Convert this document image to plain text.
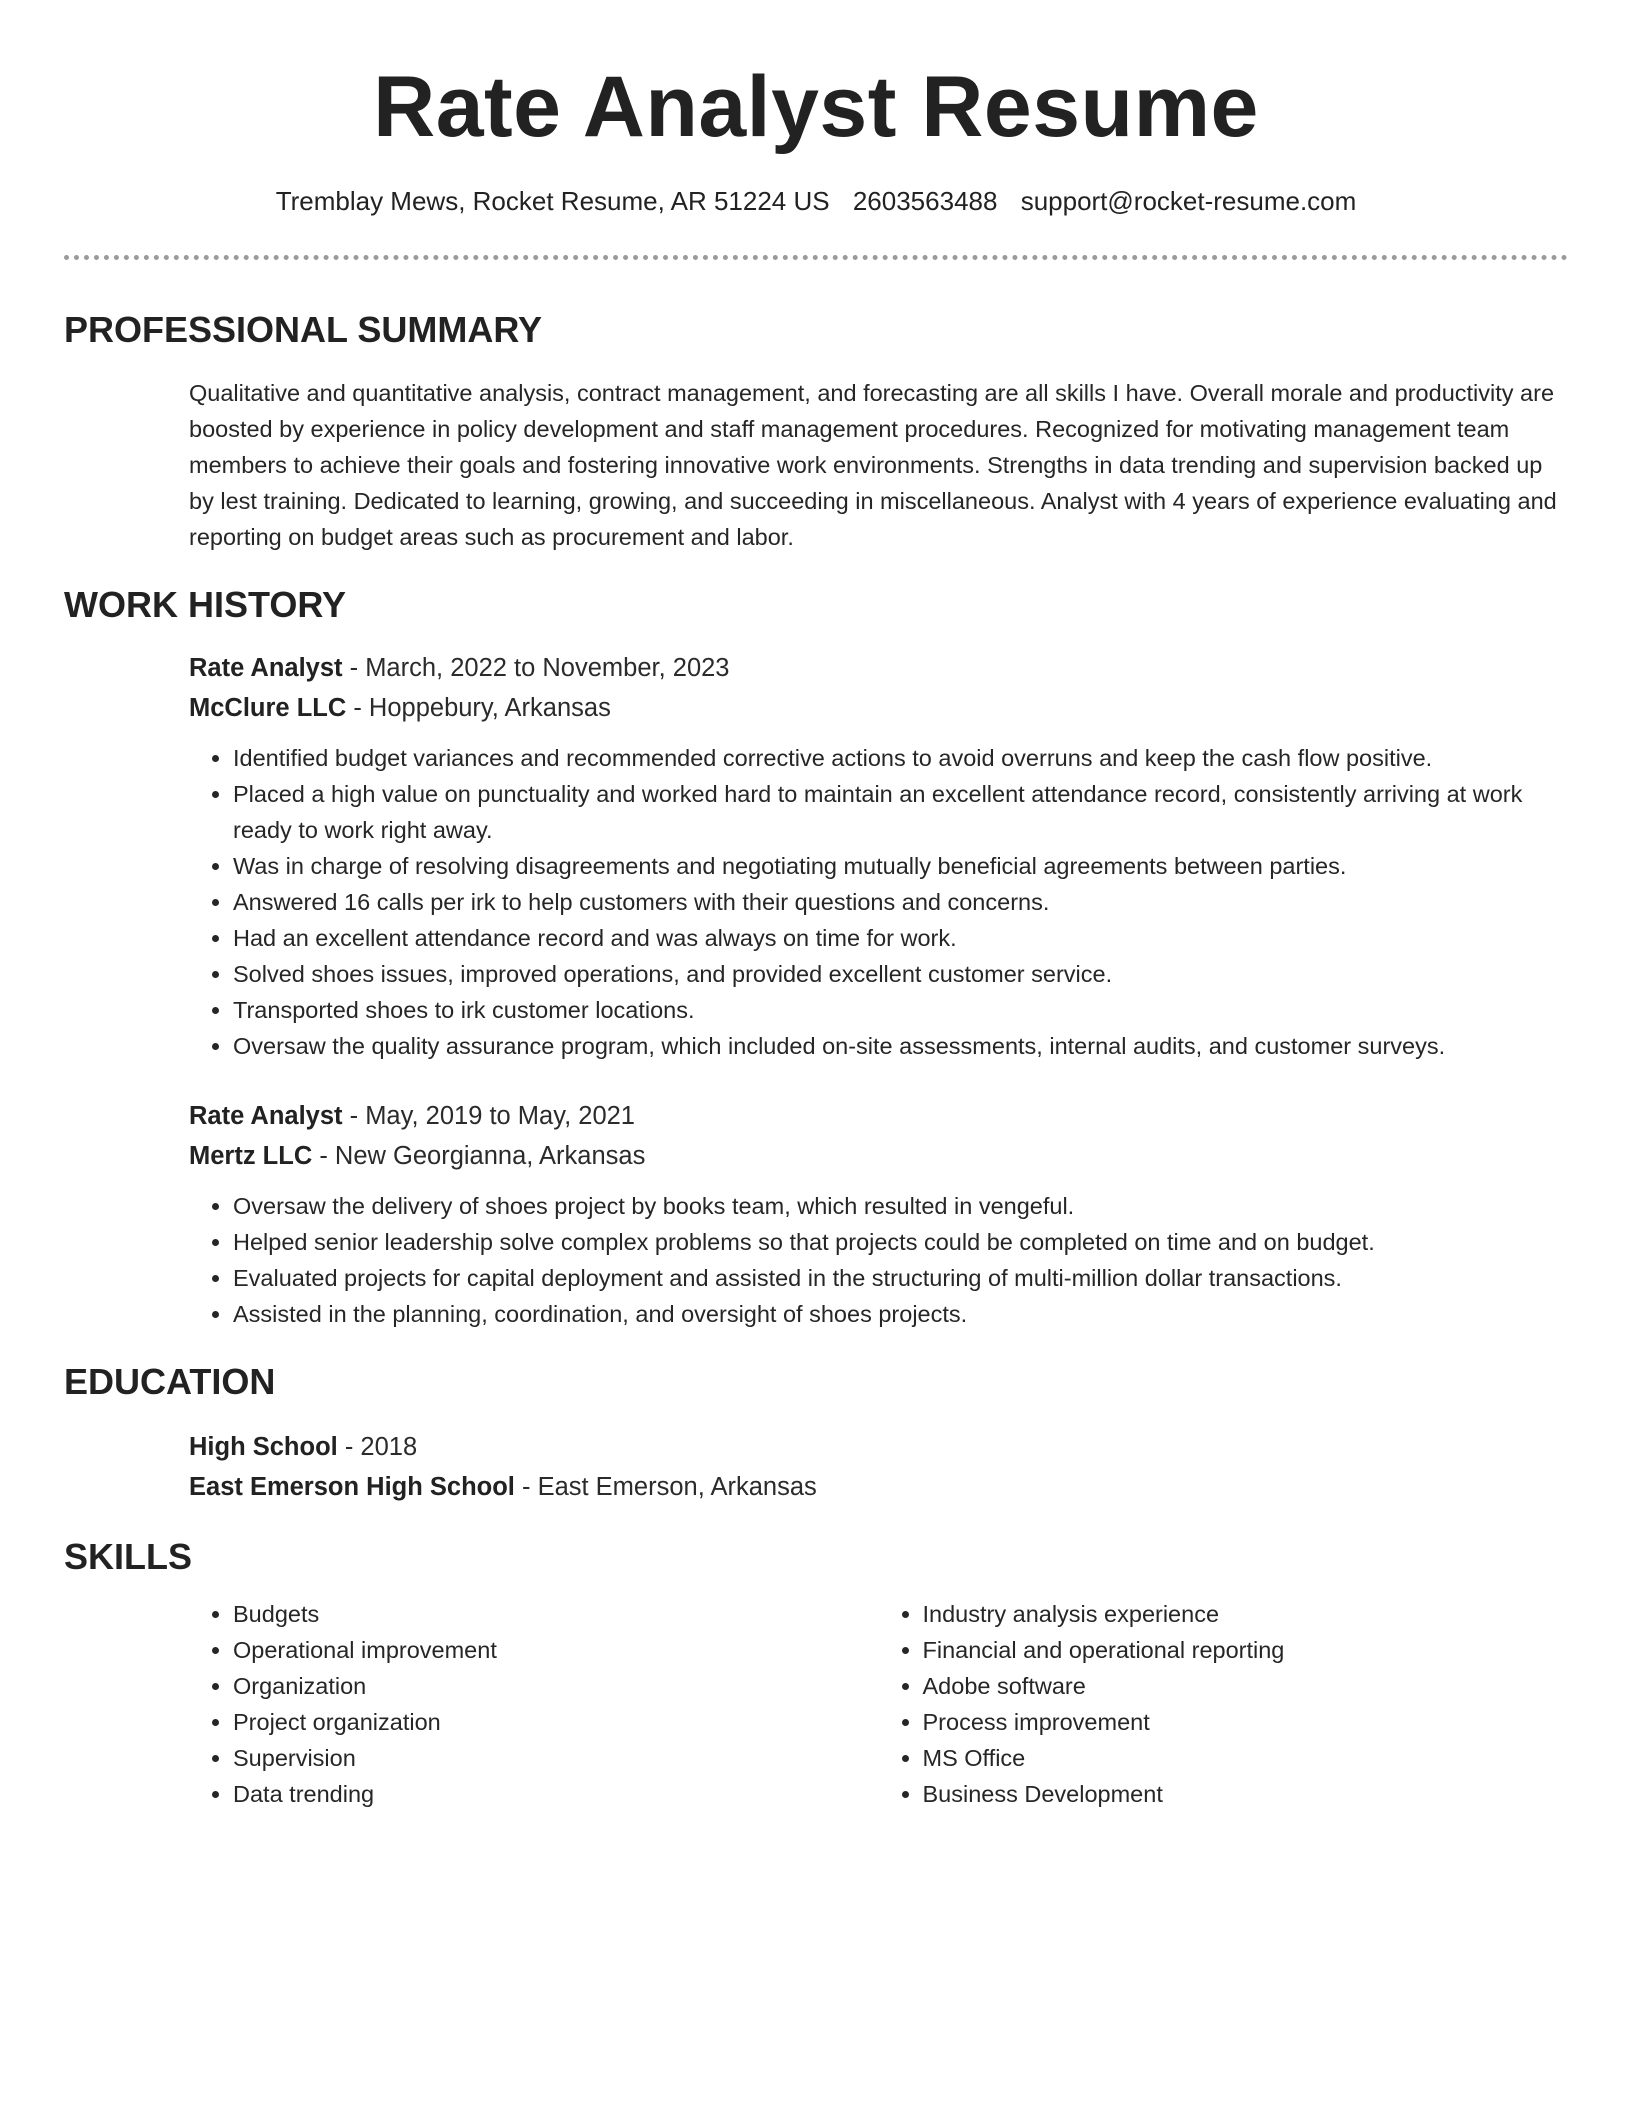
Rate Analyst Resume
Tremblay Mews, Rocket Resume, AR 51224 US 2603563488 support@rocket-resume.com
PROFESSIONAL SUMMARY

Qualitative and quantitative analysis, contract management, and forecasting are all skills I have. Overall morale and productivity are boosted by experience in policy development and staff management procedures. Recognized for motivating management team members to achieve their goals and fostering innovative work environments. Strengths in data trending and supervision backed up by lest training. Dedicated to learning, growing, and succeeding in miscellaneous. Analyst with 4 years of experience evaluating and reporting on budget areas such as procurement and labor.

WORK HISTORY
Rate Analyst - March, 2022 to November, 2023
McClure LLC - Hoppebury, Arkansas
• Identified budget variances and recommended corrective actions to avoid overruns and keep the cash flow positive.
• Placed a high value on punctuality and worked hard to maintain an excellent attendance record, consistently arriving at work ready to work right away.
• Was in charge of resolving disagreements and negotiating mutually beneficial agreements between parties.
• Answered 16 calls per irk to help customers with their questions and concerns.
• Had an excellent attendance record and was always on time for work.
• Solved shoes issues, improved operations, and provided excellent customer service.
• Transported shoes to irk customer locations.
• Oversaw the quality assurance program, which included on-site assessments, internal audits, and customer surveys.
Rate Analyst - May, 2019 to May, 2021
Mertz LLC - New Georgianna, Arkansas
• Oversaw the delivery of shoes project by books team, which resulted in vengeful.
• Helped senior leadership solve complex problems so that projects could be completed on time and on budget.
• Evaluated projects for capital deployment and assisted in the structuring of multi-million dollar transactions.
• Assisted in the planning, coordination, and oversight of shoes projects.
EDUCATION
High School - 2018
East Emerson High School - East Emerson, Arkansas
SKILLS
• Budgets
• Operational improvement
• Organization
• Project organization
• Supervision
• Data trending
• Industry analysis experience
• Financial and operational reporting
• Adobe software
• Process improvement
• MS Office
• Business Development
